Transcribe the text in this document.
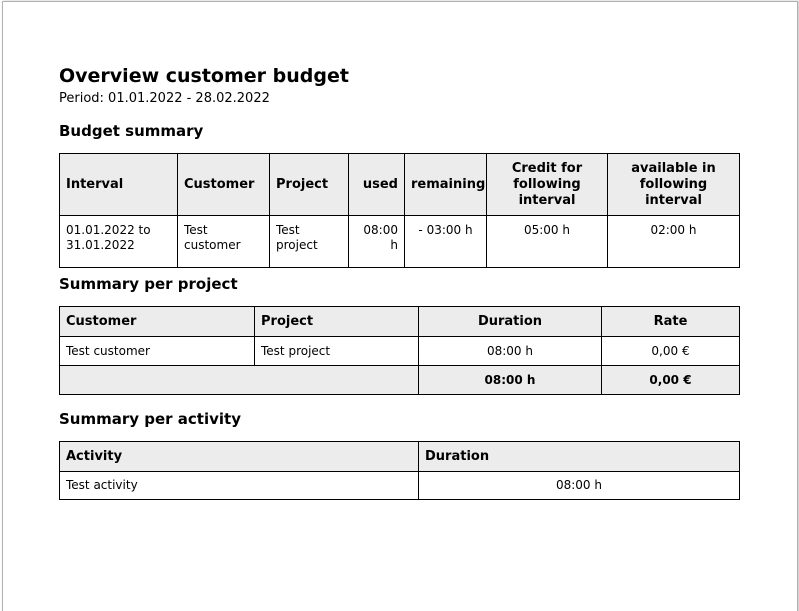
Overview customer budget
Period: 01.01.2022 - 28.02.2022
Budget summary
Interval	Customer	Project	used	remaining	Credit for following interval	available in following interval
01.01.2022 to 31.01.2022	Test customer	Test project	08:00 h	- 03:00 h	05:00 h	02:00 h
Summary per project
Customer	Project	Duration	Rate
Test customer	Test project	08:00 h	0,00 €
		08:00 h	0,00 €
Summary per activity
Activity	Duration
Test activity	08:00 h
